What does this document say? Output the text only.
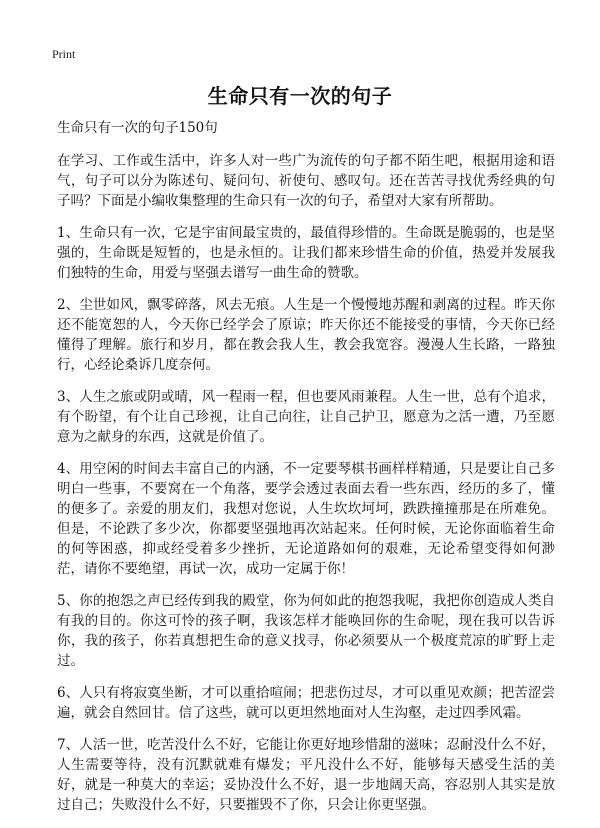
Print
生命只有一次的句子

生命只有一次的句子150句

在学习、工作或生活中，许多人对一些广为流传的句子都不陌生吧，根据用途和语气，句子可以分为陈述句、疑问句、祈使句、感叹句。还在苦苦寻找优秀经典的句子吗？下面是小编收集整理的生命只有一次的句子，希望对大家有所帮助。

1、生命只有一次，它是宇宙间最宝贵的，最值得珍惜的。生命既是脆弱的，也是坚强的，生命既是短暂的，也是永恒的。让我们都来珍惜生命的价值，热爱并发展我们独特的生命，用爱与坚强去谱写一曲生命的赞歌。

2、尘世如风，飘零碎落，风去无痕。人生是一个慢慢地苏醒和剥离的过程。昨天你还不能宽恕的人，今天你已经学会了原谅；昨天你还不能接受的事情，今天你已经懂得了理解。旅行和岁月，都在教会我人生，教会我宽容。漫漫人生长路，一路独行，心经论桑诉几度奈何。

3、人生之旅或阴或晴，风一程雨一程，但也要风雨兼程。人生一世，总有个追求，有个盼望，有个让自己珍视，让自己向往，让自己护卫，愿意为之活一遭，乃至愿意为之献身的东西，这就是价值了。

4、用空闲的时间去丰富自己的内涵，不一定要琴棋书画样样精通，只是要让自己多明白一些事，不要窝在一个角落，要学会透过表面去看一些东西，经历的多了，懂的便多了。亲爱的朋友们，我想对您说，人生坎坎坷坷，跌跌撞撞那是在所难免。但是，不论跌了多少次，你都要坚强地再次站起来。任何时候，无论你面临着生命的何等困惑，抑或经受着多少挫折，无论道路如何的艰难，无论希望变得如何渺茫，请你不要绝望，再试一次，成功一定属于你！

5、你的抱怨之声已经传到我的殿堂，你为何如此的抱怨我呢，我把你创造成人类自有我的目的。你这可怜的孩子啊，我该怎样才能唤回你的生命呢，现在我可以告诉你，我的孩子，你若真想把生命的意义找寻，你必须要从一个极度荒凉的旷野上走过。

6、人只有将寂寞坐断，才可以重拾喧闹；把悲伤过尽，才可以重见欢颜；把苦涩尝遍，就会自然回甘。信了这些，就可以更坦然地面对人生沟壑，走过四季风霜。

7、人活一世，吃苦没什么不好，它能让你更好地珍惜甜的滋味；忍耐没什么不好，人生需要等待，没有沉默就难有爆发；平凡没什么不好，能够每天感受生活的美好，就是一种莫大的幸运；妥协没什么不好，退一步地阔天高，容忍别人其实是放过自己；失败没什么不好，只要摧毁不了你，只会让你更坚强。
